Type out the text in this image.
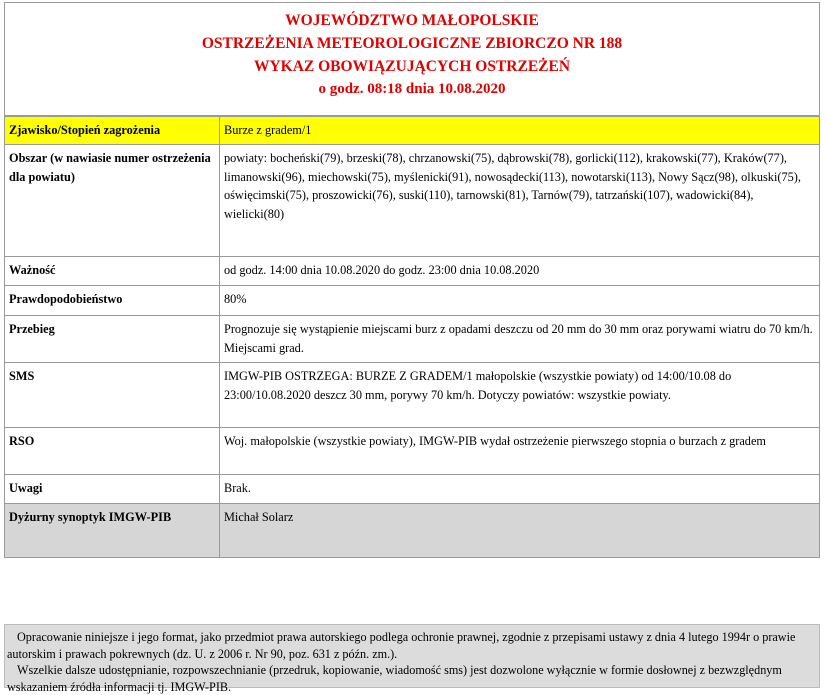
WOJEWÓDZTWO MAŁOPOLSKIE
OSTRZEŻENIA METEOROLOGICZNE ZBIORCZO NR 188
WYKAZ OBOWIĄZUJĄCYCH OSTRZEŻEŃ
o godz. 08:18 dnia 10.08.2020
Zjawisko/Stopień zagrożenia	Burze z gradem/1
Obszar (w nawiasie numer ostrzeżenia dla powiatu)	powiaty: bocheński(79), brzeski(78), chrzanowski(75), dąbrowski(78), gorlicki(112), krakowski(77), Kraków(77), limanowski(96), miechowski(75), myślenicki(91), nowosądecki(113), nowotarski(113), Nowy Sącz(98), olkuski(75), oświęcimski(75), proszowicki(76), suski(110), tarnowski(81), Tarnów(79), tatrzański(107), wadowicki(84), wielicki(80)
Ważność	od godz. 14:00 dnia 10.08.2020 do godz. 23:00 dnia 10.08.2020
Prawdopodobieństwo	80%
Przebieg	Prognozuje się wystąpienie miejscami burz z opadami deszczu od 20 mm do 30 mm oraz porywami wiatru do 70 km/h. Miejscami grad.
SMS	IMGW-PIB OSTRZEGA: BURZE Z GRADEM/1 małopolskie (wszystkie powiaty) od 14:00/10.08 do 23:00/10.08.2020 deszcz 30 mm, porywy 70 km/h. Dotyczy powiatów: wszystkie powiaty.
RSO	Woj. małopolskie (wszystkie powiaty), IMGW-PIB wydał ostrzeżenie pierwszego stopnia o burzach z gradem
Uwagi	Brak.
Dyżurny synoptyk IMGW-PIB	Michał Solarz

Opracowanie niniejsze i jego format, jako przedmiot prawa autorskiego podlega ochronie prawnej, zgodnie z przepisami ustawy z dnia 4 lutego 1994r o prawie autorskim i prawach pokrewnych (dz. U. z 2006 r. Nr 90, poz. 631 z późn. zm.).

Wszelkie dalsze udostępnianie, rozpowszechnianie (przedruk, kopiowanie, wiadomość sms) jest dozwolone wyłącznie w formie dosłownej z bezwzględnym wskazaniem źródła informacji tj. IMGW-PIB.
